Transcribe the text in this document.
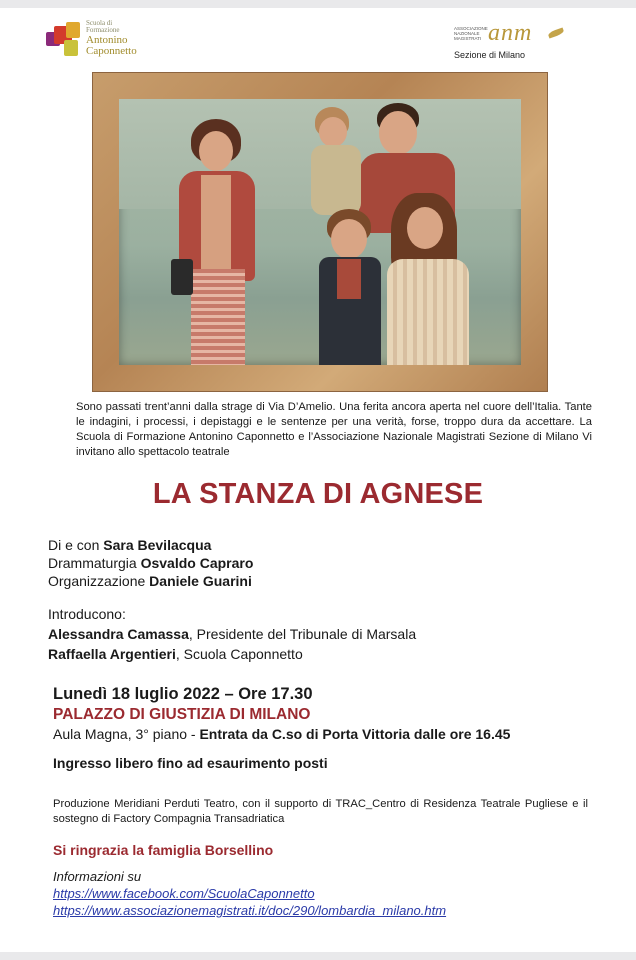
Scuola di
Formazione
Antonino
Caponnetto
ASSOCIAZIONE NAZIONALE MAGISTRATI anm
Sezione di Milano
Sono passati trent’anni dalla strage di Via D’Amelio. Una ferita ancora aperta nel cuore dell’Italia. Tante le indagini, i processi, i depistaggi e le sentenze per una verità, forse, troppo dura da accettare. La Scuola di Formazione Antonino Caponnetto e l’Associazione Nazionale Magistrati Sezione di Milano Vi invitano allo spettacolo teatrale
LA STANZA DI AGNESE
Di e con Sara Bevilacqua
Drammaturgia Osvaldo Capraro
Organizzazione Daniele Guarini
Introducono:
Alessandra Camassa, Presidente del Tribunale di Marsala
Raffaella Argentieri, Scuola Caponnetto
Lunedì 18 luglio 2022 – Ore 17.30
PALAZZO DI GIUSTIZIA DI MILANO
Aula Magna, 3° piano - Entrata da C.so di Porta Vittoria dalle ore 16.45
Ingresso libero fino ad esaurimento posti
Produzione Meridiani Perduti Teatro, con il supporto di TRAC_Centro di Residenza Teatrale Pugliese e il sostegno di Factory Compagnia Transadriatica
Si ringrazia la famiglia Borsellino
Informazioni su
https://www.facebook.com/ScuolaCaponnetto
https://www.associazionemagistrati.it/doc/290/lombardia_milano.htm
